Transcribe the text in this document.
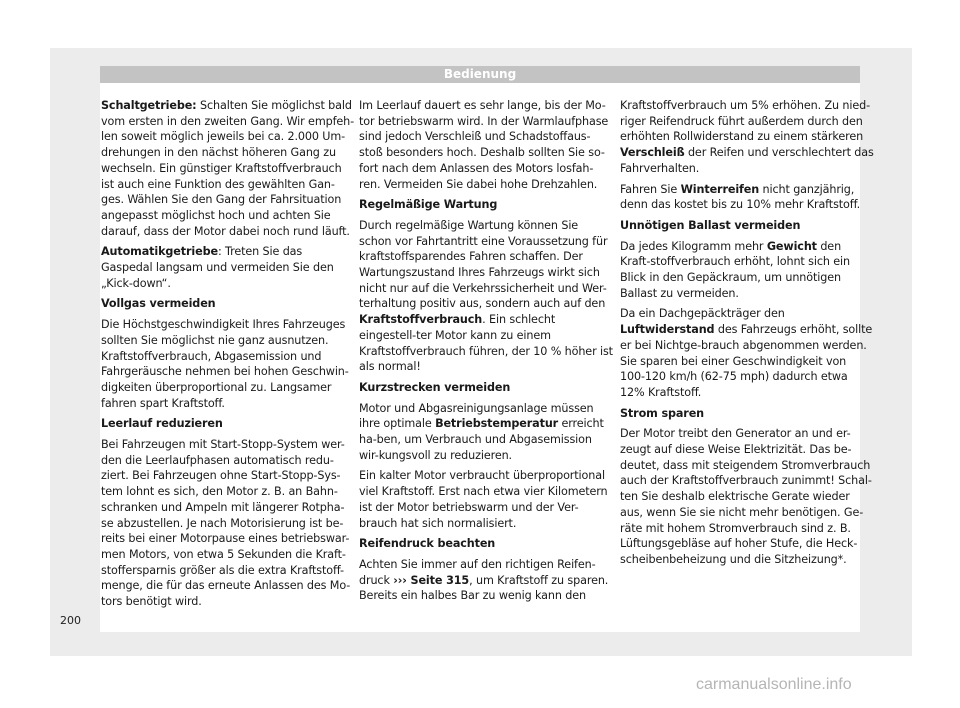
Bedienung

Schaltgetriebe: Schalten Sie möglichst bald vom ersten in den zweiten Gang. Wir empfeh-len soweit möglich jeweils bei ca. 2.000 Um-drehungen in den nächst höheren Gang zu wechseln. Ein günstiger Kraftstoffverbrauch ist auch eine Funktion des gewählten Gan-ges. Wählen Sie den Gang der Fahrsituation angepasst möglichst hoch und achten Sie darauf, dass der Motor dabei noch rund läuft.

Automatikgetriebe: Treten Sie das Gaspedal langsam und vermeiden Sie den „Kick-down“.

Vollgas vermeiden

Die Höchstgeschwindigkeit Ihres Fahrzeuges sollten Sie möglichst nie ganz ausnutzen. Kraftstoffverbrauch, Abgasemission und Fahrgeräusche nehmen bei hohen Geschwin-digkeiten überproportional zu. Langsamer fahren spart Kraftstoff.

Leerlauf reduzieren

Bei Fahrzeugen mit Start-Stopp-System wer-den die Leerlaufphasen automatisch redu-ziert. Bei Fahrzeugen ohne Start-Stopp-Sys-tem lohnt es sich, den Motor z. B. an Bahn-schranken und Ampeln mit längerer Rotpha-se abzustellen. Je nach Motorisierung ist be-reits bei einer Motorpause eines betriebswar-men Motors, von etwa 5 Sekunden die Kraft-stoffersparnis größer als die extra Kraftstoff-menge, die für das erneute Anlassen des Mo-tors benötigt wird.

Im Leerlauf dauert es sehr lange, bis der Mo-tor betriebswarm wird. In der Warmlaufphase sind jedoch Verschleiß und Schadstoffaus-stoß besonders hoch. Deshalb sollten Sie so-fort nach dem Anlassen des Motors losfah-ren. Vermeiden Sie dabei hohe Drehzahlen.

Regelmäßige Wartung

Durch regelmäßige Wartung können Sie schon vor Fahrtantritt eine Voraussetzung für kraftstoffsparendes Fahren schaffen. Der Wartungszustand Ihres Fahrzeugs wirkt sich nicht nur auf die Verkehrssicherheit und Wer-terhaltung positiv aus, sondern auch auf den Kraftstoffverbrauch. Ein schlecht eingestell-ter Motor kann zu einem Kraftstoffverbrauch führen, der 10 % höher ist als normal!

Kurzstrecken vermeiden

Motor und Abgasreinigungsanlage müssen ihre optimale Betriebstemperatur erreicht ha-ben, um Verbrauch und Abgasemission wir-kungsvoll zu reduzieren.

Ein kalter Motor verbraucht überproportional viel Kraftstoff. Erst nach etwa vier Kilometern ist der Motor betriebswarm und der Ver-brauch hat sich normalisiert.

Reifendruck beachten

Achten Sie immer auf den richtigen Reifen-druck ››› Seite 315, um Kraftstoff zu sparen. Bereits ein halbes Bar zu wenig kann den

Kraftstoffverbrauch um 5% erhöhen. Zu nied-riger Reifendruck führt außerdem durch den erhöhten Rollwiderstand zu einem stärkeren Verschleiß der Reifen und verschlechtert das Fahrverhalten.

Fahren Sie Winterreifen nicht ganzjährig, denn das kostet bis zu 10% mehr Kraftstoff.

Unnötigen Ballast vermeiden

Da jedes Kilogramm mehr Gewicht den Kraft-stoffverbrauch erhöht, lohnt sich ein Blick in den Gepäckraum, um unnötigen Ballast zu vermeiden.

Da ein Dachgepäckträger den Luftwiderstand des Fahrzeugs erhöht, sollte er bei Nichtge-brauch abgenommen werden. Sie sparen bei einer Geschwindigkeit von 100-120 km/h (62-75 mph) dadurch etwa 12% Kraftstoff.

Strom sparen

Der Motor treibt den Generator an und er-zeugt auf diese Weise Elektrizität. Das be-deutet, dass mit steigendem Stromverbrauch auch der Kraftstoffverbrauch zunimmt! Schal-ten Sie deshalb elektrische Gerate wieder aus, wenn Sie sie nicht mehr benötigen. Ge-räte mit hohem Stromverbrauch sind z. B. Lüftungsgebläse auf hoher Stufe, die Heck-scheibenbeheizung und die Sitzheizung*.

200
carmanualsonline.info
